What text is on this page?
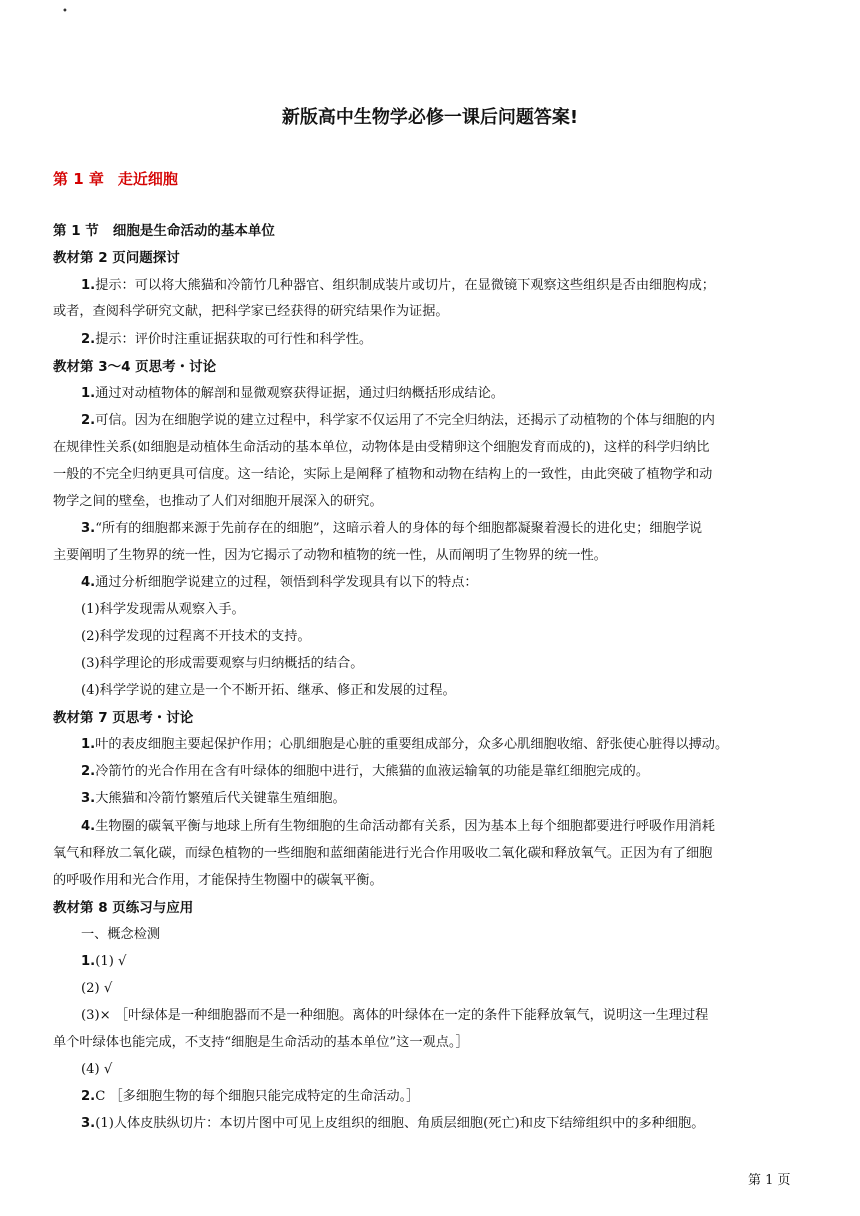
•
新版高中生物学必修一课后问题答案!
第 1 章 走近细胞
第 1 节 细胞是生命活动的基本单位
教材第 2 页问题探讨
1.提示：可以将大熊猫和冷箭竹几种器官、组织制成装片或切片，在显微镜下观察这些组织是否由细胞构成；
或者，查阅科学研究文献，把科学家已经获得的研究结果作为证据。
2.提示：评价时注重证据获取的可行性和科学性。
教材第 3～4 页思考・讨论
1.通过对动植物体的解剖和显微观察获得证据，通过归纳概括形成结论。
2.可信。因为在细胞学说的建立过程中，科学家不仅运用了不完全归纳法，还揭示了动植物的个体与细胞的内
在规律性关系(如细胞是动植体生命活动的基本单位，动物体是由受精卵这个细胞发育而成的)，这样的科学归纳比
一般的不完全归纳更具可信度。这一结论，实际上是阐释了植物和动物在结构上的一致性，由此突破了植物学和动
物学之间的壁垒，也推动了人们对细胞开展深入的研究。
3.“所有的细胞都来源于先前存在的细胞”，这暗示着人的身体的每个细胞都凝聚着漫长的进化史；细胞学说
主要阐明了生物界的统一性，因为它揭示了动物和植物的统一性，从而阐明了生物界的统一性。
4.通过分析细胞学说建立的过程，领悟到科学发现具有以下的特点：
(1)科学发现需从观察入手。
(2)科学发现的过程离不开技术的支持。
(3)科学理论的形成需要观察与归纳概括的结合。
(4)科学学说的建立是一个不断开拓、继承、修正和发展的过程。
教材第 7 页思考・讨论
1.叶的表皮细胞主要起保护作用；心肌细胞是心脏的重要组成部分，众多心肌细胞收缩、舒张使心脏得以搏动。
2.冷箭竹的光合作用在含有叶绿体的细胞中进行，大熊猫的血液运输氧的功能是靠红细胞完成的。
3.大熊猫和冷箭竹繁殖后代关键靠生殖细胞。
4.生物圈的碳氧平衡与地球上所有生物细胞的生命活动都有关系，因为基本上每个细胞都要进行呼吸作用消耗
氧气和释放二氧化碳，而绿色植物的一些细胞和蓝细菌能进行光合作用吸收二氧化碳和释放氧气。正因为有了细胞
的呼吸作用和光合作用，才能保持生物圈中的碳氧平衡。
教材第 8 页练习与应用
一、概念检测
1.(1) √
(2) √
(3)× ［叶绿体是一种细胞器而不是一种细胞。离体的叶绿体在一定的条件下能释放氧气，说明这一生理过程
单个叶绿体也能完成，不支持“细胞是生命活动的基本单位”这一观点。］
(4) √
2.C ［多细胞生物的每个细胞只能完成特定的生命活动。］
3.(1)人体皮肤纵切片：本切片图中可见上皮组织的细胞、角质层细胞(死亡)和皮下结缔组织中的多种细胞。
第 1 页
